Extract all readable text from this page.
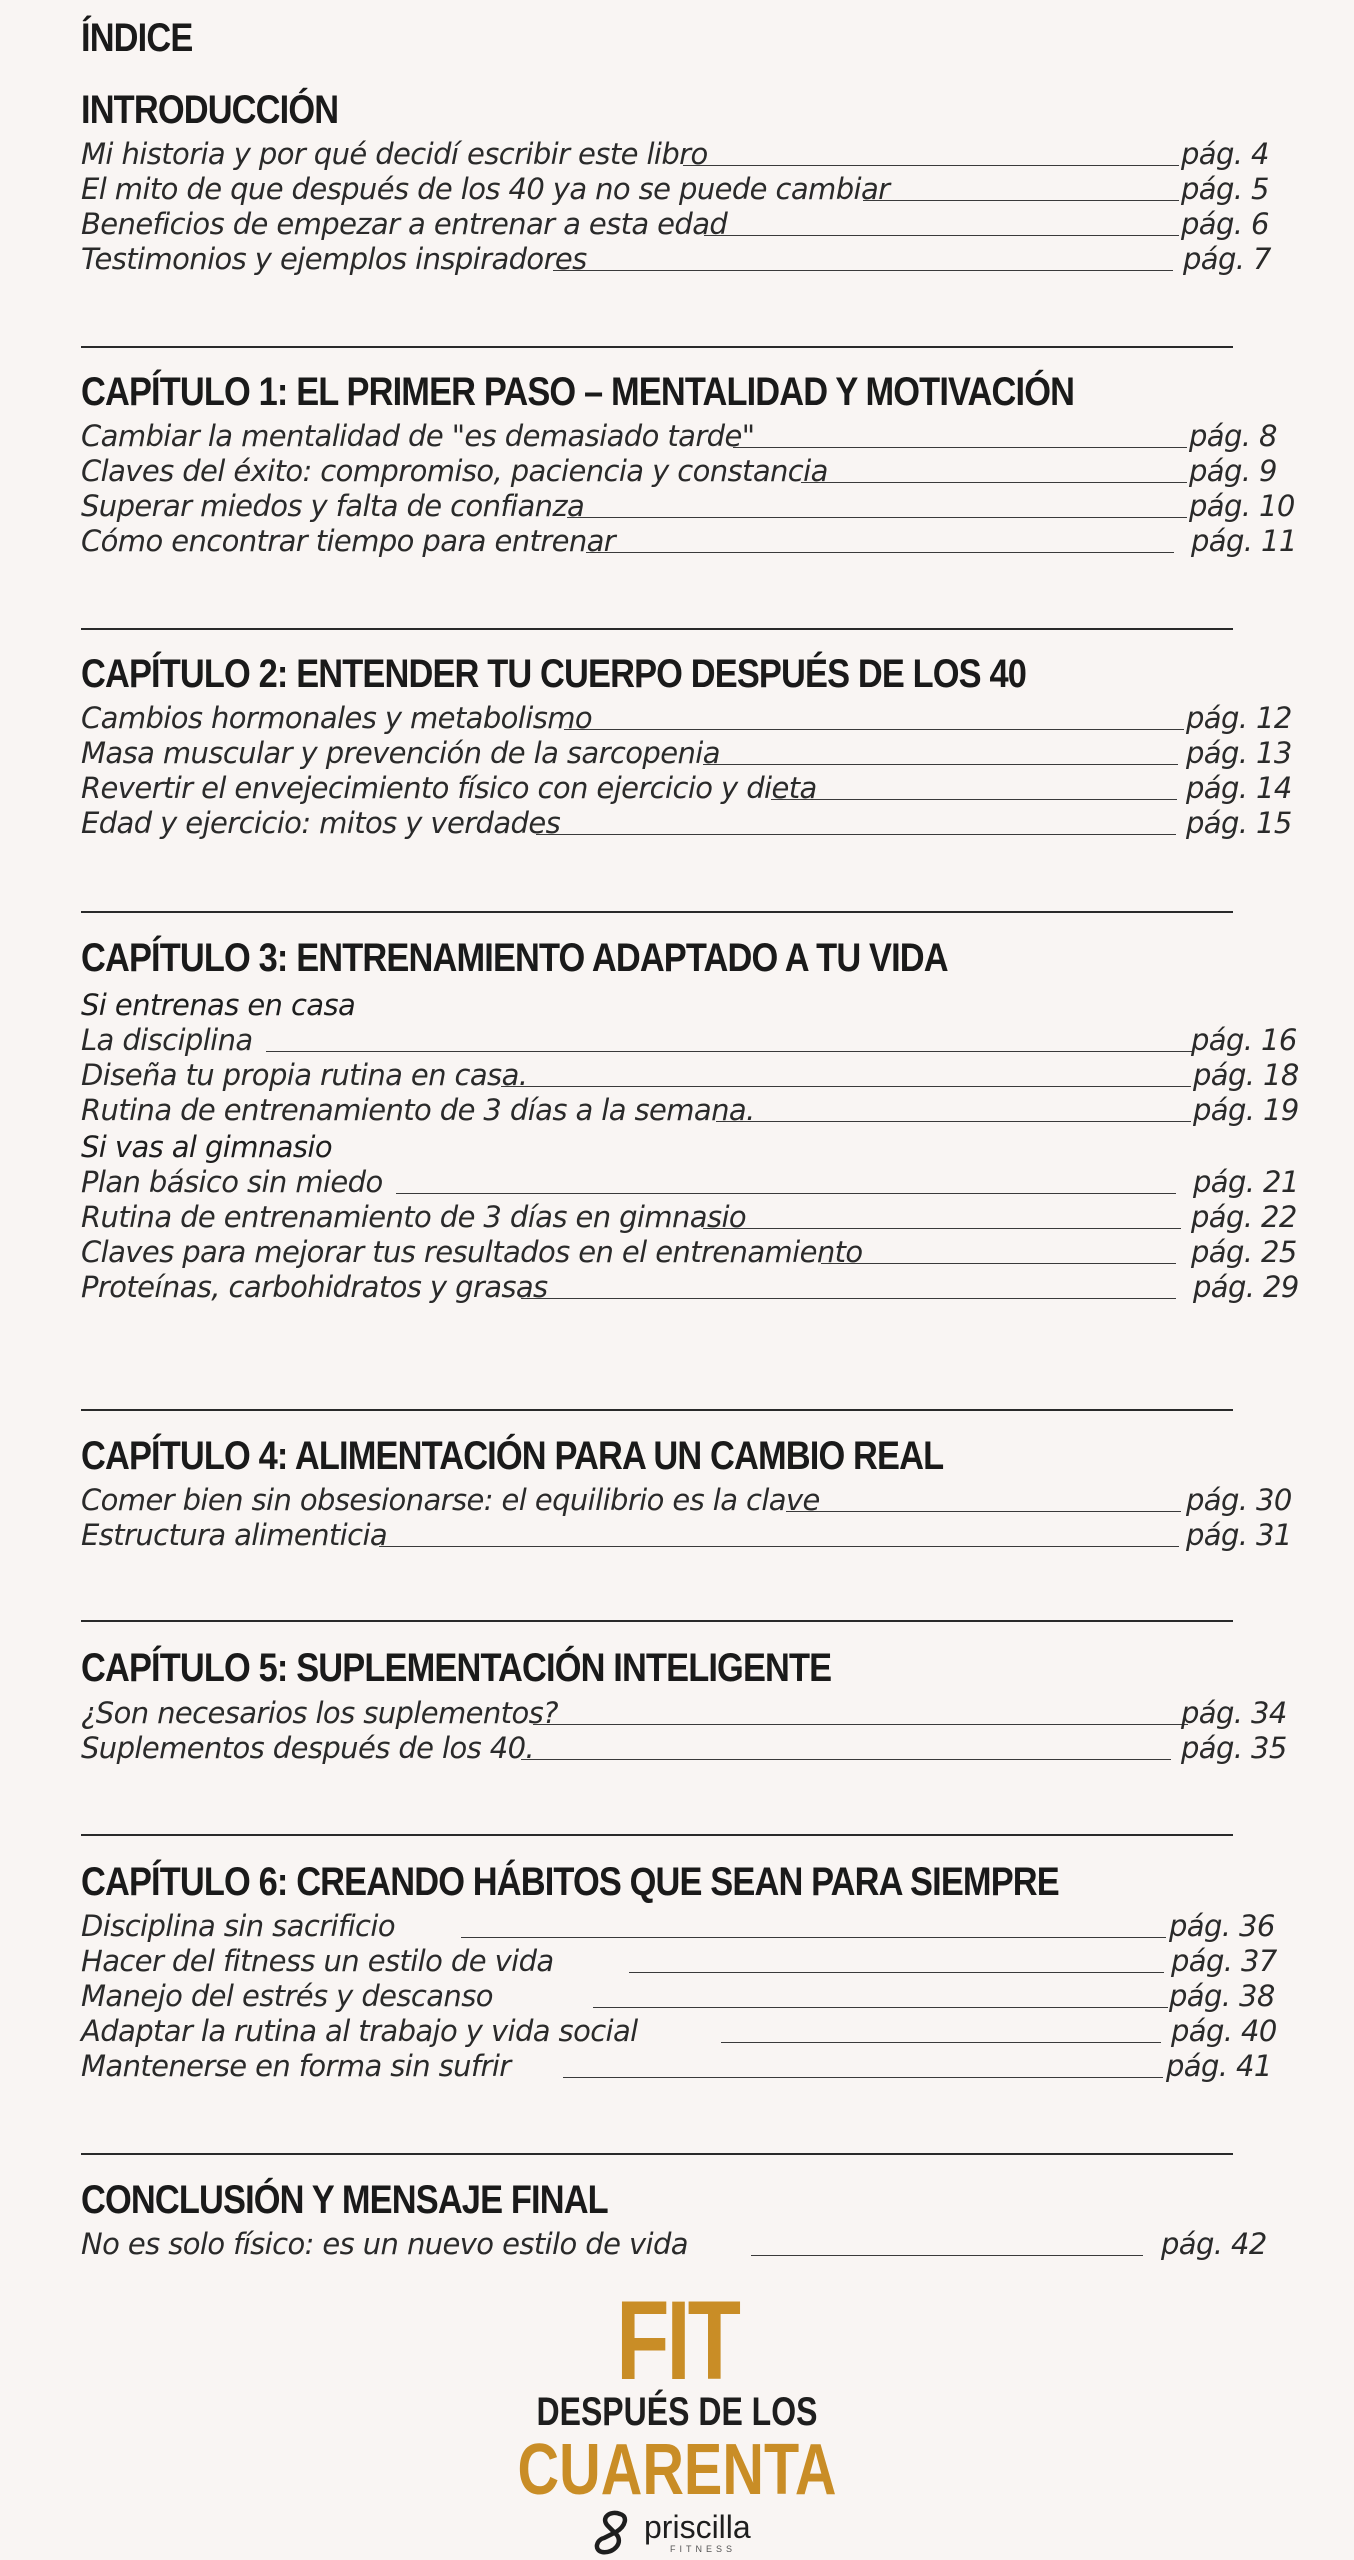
ÍNDICE
INTRODUCCIÓN
Mi historia y por qué decidí escribir este libro	pág. 4
El mito de que después de los 40 ya no se puede cambiar	pág. 5
Beneficios de empezar a entrenar a esta edad	pág. 6
Testimonios y ejemplos inspiradores	pág. 7
CAPÍTULO 1: EL PRIMER PASO – MENTALIDAD Y MOTIVACIÓN
Cambiar la mentalidad de "es demasiado tarde"	pág. 8
Claves del éxito: compromiso, paciencia y constancia	pág. 9
Superar miedos y falta de confianza	pág. 10
Cómo encontrar tiempo para entrenar	pág. 11
CAPÍTULO 2: ENTENDER TU CUERPO DESPUÉS DE LOS 40
Cambios hormonales y metabolismo	pág. 12
Masa muscular y prevención de la sarcopenia	pág. 13
Revertir el envejecimiento físico con ejercicio y dieta	pág. 14
Edad y ejercicio: mitos y verdades	pág. 15
CAPÍTULO 3: ENTRENAMIENTO ADAPTADO A TU VIDA
Si entrenas en casa
La disciplina	pág. 16
Diseña tu propia rutina en casa.	pág. 18
Rutina de entrenamiento de 3 días a la semana.	pág. 19
Si vas al gimnasio
Plan básico sin miedo	pág. 21
Rutina de entrenamiento de 3 días en gimnasio	pág. 22
Claves para mejorar tus resultados en el entrenamiento	pág. 25
Proteínas, carbohidratos y grasas	pág. 29
CAPÍTULO 4: ALIMENTACIÓN PARA UN CAMBIO REAL
Comer bien sin obsesionarse: el equilibrio es la clave	pág. 30
Estructura alimenticia	pág. 31
CAPÍTULO 5: SUPLEMENTACIÓN INTELIGENTE
¿Son necesarios los suplementos?	pág. 34
Suplementos después de los 40.	pág. 35
CAPÍTULO 6: CREANDO HÁBITOS QUE SEAN PARA SIEMPRE
Disciplina sin sacrificio	pág. 36
Hacer del fitness un estilo de vida	pág. 37
Manejo del estrés y descanso	pág. 38
Adaptar la rutina al trabajo y vida social	pág. 40
Mantenerse en forma sin sufrir	pág. 41
CONCLUSIÓN Y MENSAJE FINAL
No es solo físico: es un nuevo estilo de vida	pág. 42
FIT
DESPUÉS DE LOS
CUARENTA
priscilla
FITNESS
